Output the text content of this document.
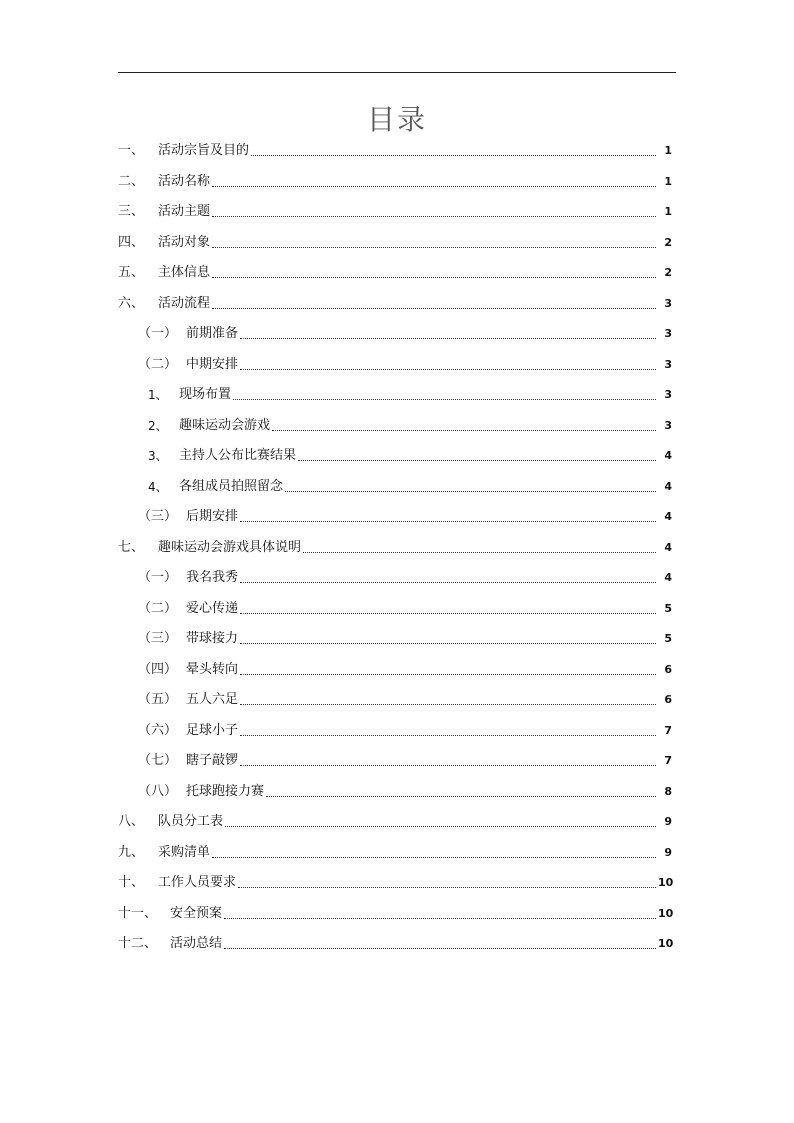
目录
一、	活动宗旨及目的	1
二、	活动名称	1
三、	活动主题	1
四、	活动对象	2
五、	主体信息	2
六、	活动流程	3
（一） 前期准备	3
（二） 中期安排	3
1、 现场布置	3
2、 趣味运动会游戏	3
3、 主持人公布比赛结果	4
4、 各组成员拍照留念	4
（三） 后期安排	4
七、	趣味运动会游戏具体说明	4
（一） 我名我秀	4
（二） 爱心传递	5
（三） 带球接力	5
（四） 晕头转向	6
（五） 五人六足	6
（六） 足球小子	7
（七） 瞎子敲锣	7
（八） 托球跑接力赛	8
八、	队员分工表	9
九、	采购清单	9
十、	工作人员要求	10
十一、 安全预案	10
十二、 活动总结	10
